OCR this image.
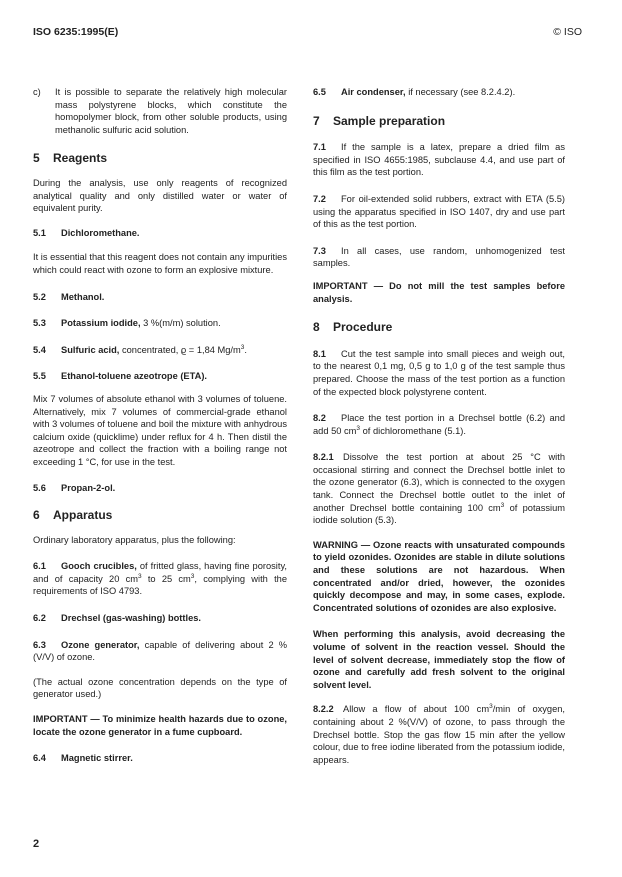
ISO 6235:1995(E)	© ISO
c)	It is possible to separate the relatively high molecular mass polystyrene blocks, which constitute the homopolymer block, from other soluble products, using methanolic sulfuric acid solution.
5	Reagents

During the analysis, use only reagents of recognized analytical quality and only distilled water or water of equivalent purity.

5.1 Dichloromethane.

It is essential that this reagent does not contain any impurities which could react with ozone to form an explosive mixture.

5.2 Methanol.

5.3 Potassium iodide, 3 %(m/m) solution.

5.4 Sulfuric acid, concentrated, ϱ = 1,84 $Mg/m^3$.

5.5 Ethanol-toluene azeotrope (ETA).

Mix 7 volumes of absolute ethanol with 3 volumes of toluene. Alternatively, mix 7 volumes of commercial-grade ethanol with 3 volumes of toluene and boil the mixture with anhydrous calcium oxide (quicklime) under reflux for 4 h. Then distil the azeotrope and collect the fraction with a boiling range not exceeding 1 °C, for use in the test.

5.6 Propan-2-ol.

6	Apparatus

Ordinary laboratory apparatus, plus the following:

6.1 Gooch crucibles, of fritted glass, having fine porosity, and of capacity 20 $cm^3$ to 25 $cm^3$, complying with the requirements of ISO 4793.

6.2 Drechsel (gas-washing) bottles.

6.3 Ozone generator, capable of delivering about 2 %(V/V) of ozone.

(The actual ozone concentration depends on the type of generator used.)

IMPORTANT — To minimize health hazards due to ozone, locate the ozone generator in a fume cupboard.

6.4 Magnetic stirrer.

6.5 Air condenser, if necessary (see 8.2.4.2).

7	Sample preparation

7.1 If the sample is a latex, prepare a dried film as specified in ISO 4655:1985, subclause 4.4, and use part of this film as the test portion.

7.2 For oil-extended solid rubbers, extract with ETA (5.5) using the apparatus specified in ISO 1407, dry and use part of this as the test portion.

7.3 In all cases, use random, unhomogenized test samples.

IMPORTANT — Do not mill the test samples before analysis.

8	Procedure

8.1 Cut the test sample into small pieces and weigh out, to the nearest 0,1 mg, 0,5 g to 1,0 g of the test sample thus prepared. Choose the mass of the test portion as a function of the expected block polystyrene content.

8.2 Place the test portion in a Drechsel bottle (6.2) and add 50 $cm^3$ of dichloromethane (5.1).

8.2.1 Dissolve the test portion at about 25 °C with occasional stirring and connect the Drechsel bottle inlet to the ozone generator (6.3), which is connected to the oxygen tank. Connect the Drechsel bottle outlet to the inlet of another Drechsel bottle containing 100 $cm^3$ of potassium iodide solution (5.3).

WARNING — Ozone reacts with unsaturated compounds to yield ozonides. Ozonides are stable in dilute solutions and these solutions are not hazardous. When concentrated and/or dried, however, the ozonides quickly decompose and may, in some cases, explode. Concentrated solutions of ozonides are also explosive.

When performing this analysis, avoid decreasing the volume of solvent in the reaction vessel. Should the level of solvent decrease, immediately stop the flow of ozone and carefully add fresh solvent to the original solvent level.

8.2.2 Allow a flow of about 100 $cm^3/\min$ of oxygen, containing about 2 %(V/V) of ozone, to pass through the Drechsel bottle. Stop the gas flow 15 min after the yellow colour, due to free iodine liberated from the potassium iodide, appears.

2
